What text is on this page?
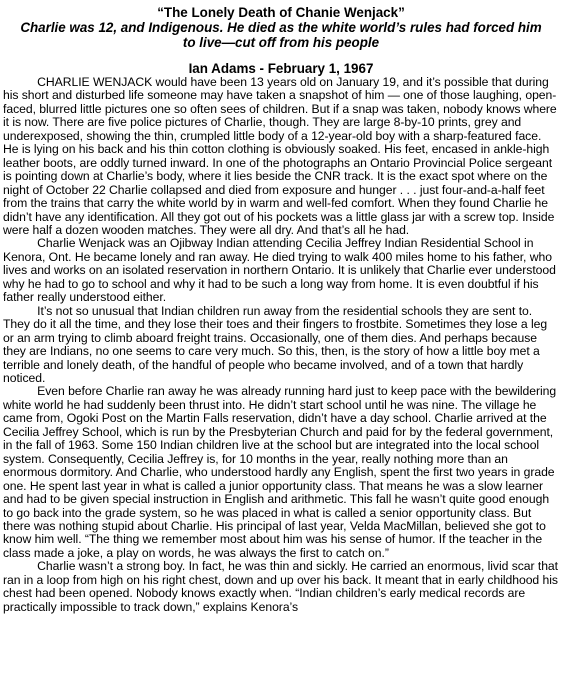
“The Lonely Death of Chanie Wenjack”
Charlie was 12, and Indigenous. He died as the white world’s rules had forced him
to live—cut off from his people
Ian Adams - February 1, 1967

CHARLIE WENJACK would have been 13 years old on January 19, and it’s possible that during his short and disturbed life someone may have taken a snapshot of him — one of those laughing, open-faced, blurred little pictures one so often sees of children. But if a snap was taken, nobody knows where it is now. There are five police pictures of Charlie, though. They are large 8-by-10 prints, grey and underexposed, showing the thin, crumpled little body of a 12-year-old boy with a sharp-featured face. He is lying on his back and his thin cotton clothing is obviously soaked. His feet, encased in ankle-high leather boots, are oddly turned inward. In one of the photographs an Ontario Provincial Police sergeant is pointing down at Charlie’s body, where it lies beside the CNR track. It is the exact spot where on the night of October 22 Charlie collapsed and died from exposure and hunger . . . just four-and-a-half feet from the trains that carry the white world by in warm and well-fed comfort. When they found Charlie he didn’t have any identification. All they got out of his pockets was a little glass jar with a screw top. Inside were half a dozen wooden matches. They were all dry. And that’s all he had.

Charlie Wenjack was an Ojibway Indian attending Cecilia Jeffrey Indian Residential School in Kenora, Ont. He became lonely and ran away. He died trying to walk 400 miles home to his father, who lives and works on an isolated reservation in northern Ontario. It is unlikely that Charlie ever understood why he had to go to school and why it had to be such a long way from home. It is even doubtful if his father really understood either.

It’s not so unusual that Indian children run away from the residential schools they are sent to. They do it all the time, and they lose their toes and their fingers to frostbite. Sometimes they lose a leg or an arm trying to climb aboard freight trains. Occasionally, one of them dies. And perhaps because they are Indians, no one seems to care very much. So this, then, is the story of how a little boy met a terrible and lonely death, of the handful of people who became involved, and of a town that hardly noticed.

Even before Charlie ran away he was already running hard just to keep pace with the bewildering white world he had suddenly been thrust into. He didn’t start school until he was nine. The village he came from, Ogoki Post on the Martin Falls reservation, didn’t have a day school. Charlie arrived at the Cecilia Jeffrey School, which is run by the Presbyterian Church and paid for by the federal government, in the fall of 1963. Some 150 Indian children live at the school but are integrated into the local school system. Consequently, Cecilia Jeffrey is, for 10 months in the year, really nothing more than an enormous dormitory. And Charlie, who understood hardly any English, spent the first two years in grade one. He spent last year in what is called a junior opportunity class. That means he was a slow learner and had to be given special instruction in English and arithmetic. This fall he wasn’t quite good enough to go back into the grade system, so he was placed in what is called a senior opportunity class. But there was nothing stupid about Charlie. His principal of last year, Velda MacMillan, believed she got to know him well. “The thing we remember most about him was his sense of humor. If the teacher in the class made a joke, a play on words, he was always the first to catch on.”

Charlie wasn’t a strong boy. In fact, he was thin and sickly. He carried an enormous, livid scar that ran in a loop from high on his right chest, down and up over his back. It meant that in early childhood his chest had been opened. Nobody knows exactly when. “Indian children’s early medical records are practically impossible to track down,” explains Kenora’s
